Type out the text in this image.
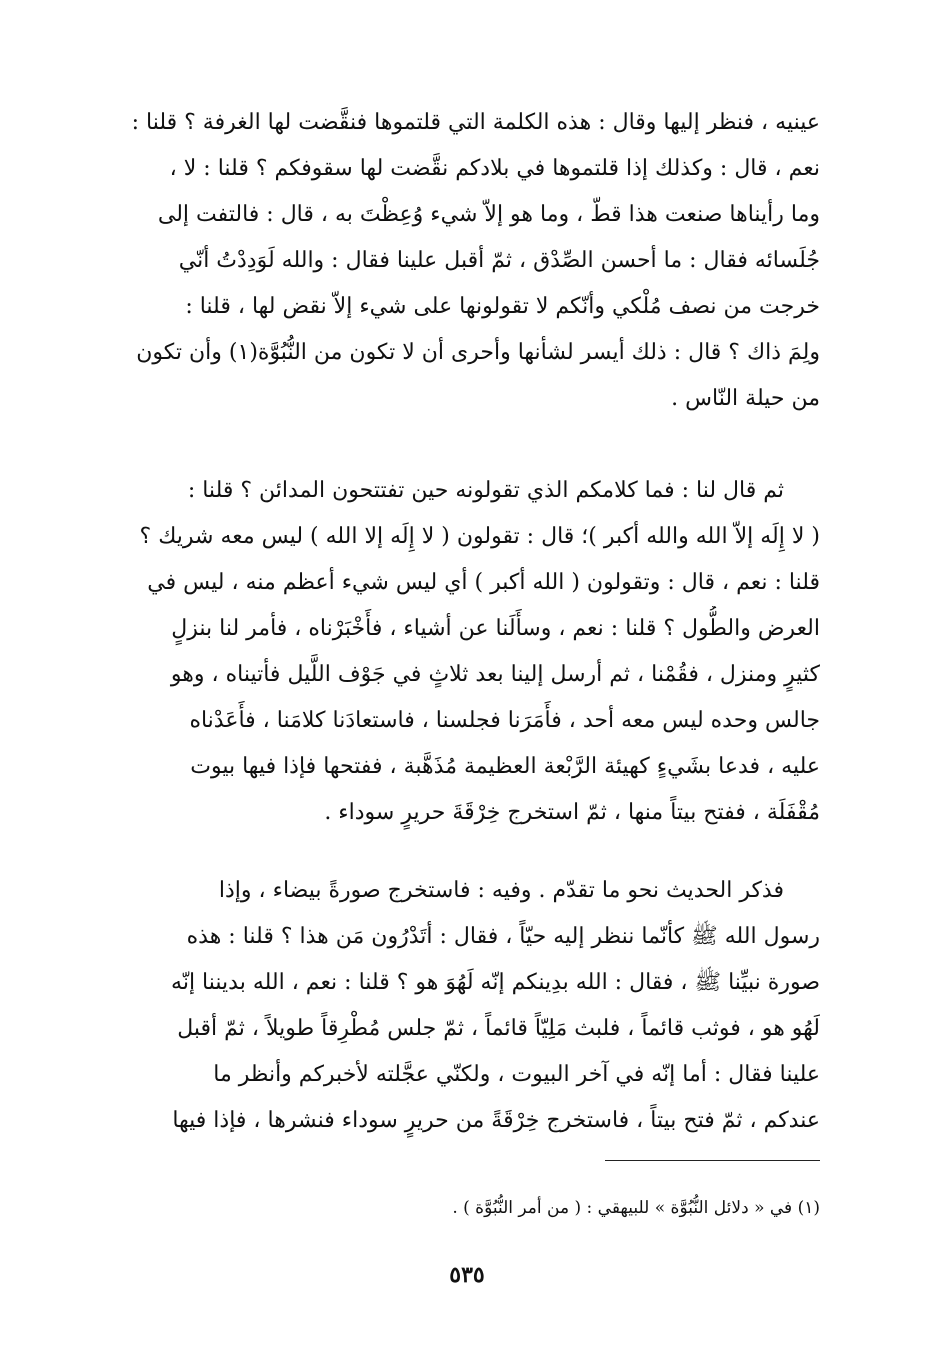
عينيه ، فنظر إليها وقال : هذه الكلمة التي قلتموها فنقَّضت لها الغرفة ؟ قلنا :
نعم ، قال : وكذلك إذا قلتموها في بلادكم نقَّضت لها سقوفكم ؟ قلنا : لا ،
وما رأيناها صنعت هذا قطّ ، وما هو إلاّ شيء وُعِظْتَ به ، قال : فالتفت إلى
جُلَسائه فقال : ما أحسن الصِّدْق ، ثمّ أقبل علينا فقال : والله لَوَدِدْتُ أنّي
خرجت من نصف مُلْكي وأنّكم لا تقولونها على شيء إلاّ نقض لها ، قلنا :
ولِمَ ذاك ؟ قال : ذلك أيسر لشأنها وأحرى أن لا تكون من النُّبُوَّة(١) وأن تكون
من حيلة النّاس .
ثم قال لنا : فما كلامكم الذي تقولونه حين تفتتحون المدائن ؟ قلنا :
( لا إِلَه إلاّ الله والله أكبر )؛ قال : تقولون ( لا إِلَه إلا الله ) ليس معه شريك ؟
قلنا : نعم ، قال : وتقولون ( الله أكبر ) أي ليس شيء أعظم منه ، ليس في
العرض والطُّول ؟ قلنا : نعم ، وسأَلَنا عن أشياء ، فأَخْبَرْناه ، فأمر لنا بنزلٍ
كثيرٍ ومنزل ، فقُمْنا ، ثم أرسل إلينا بعد ثلاثٍ في جَوْف اللَّيل فأتيناه ، وهو
جالس وحده ليس معه أحد ، فأَمَرَنا فجلسنا ، فاستعادَنا كلامَنا ، فأَعَدْناه
عليه ، فدعا بشَيءٍ كهيئة الرَّبْعة العظيمة مُذَهَّبة ، ففتحها فإذا فيها بيوت
مُقْفَلَة ، ففتح بيتاً منها ، ثمّ استخرج خِرْقَةَ حريرٍ سوداء .
فذكر الحديث نحو ما تقدّم . وفيه : فاستخرج صورةً بيضاء ، وإذا
رسول الله ﷺ كأنّما ننظر إليه حيّاً ، فقال : أتَدْرُون مَن هذا ؟ قلنا : هذه
صورة نبيِّنا ﷺ ، فقال : الله بدِينكم إنّه لَهُوَ هو ؟ قلنا : نعم ، الله بديننا إنّه
لَهُو هو ، فوثب قائماً ، فلبث مَلِيّاً قائماً ، ثمّ جلس مُطْرِقاً طويلاً ، ثمّ أقبل
علينا فقال : أما إنّه في آخر البيوت ، ولكنّي عجَّلته لأخبركم وأنظر ما
عندكم ، ثمّ فتح بيتاً ، فاستخرج خِرْقَةً من حريرٍ سوداء فنشرها ، فإذا فيها
(١) في « دلائل النُّبُوَّة » للبيهقي : ( من أمر النُّبُوَّة ) .
٥٣٥
